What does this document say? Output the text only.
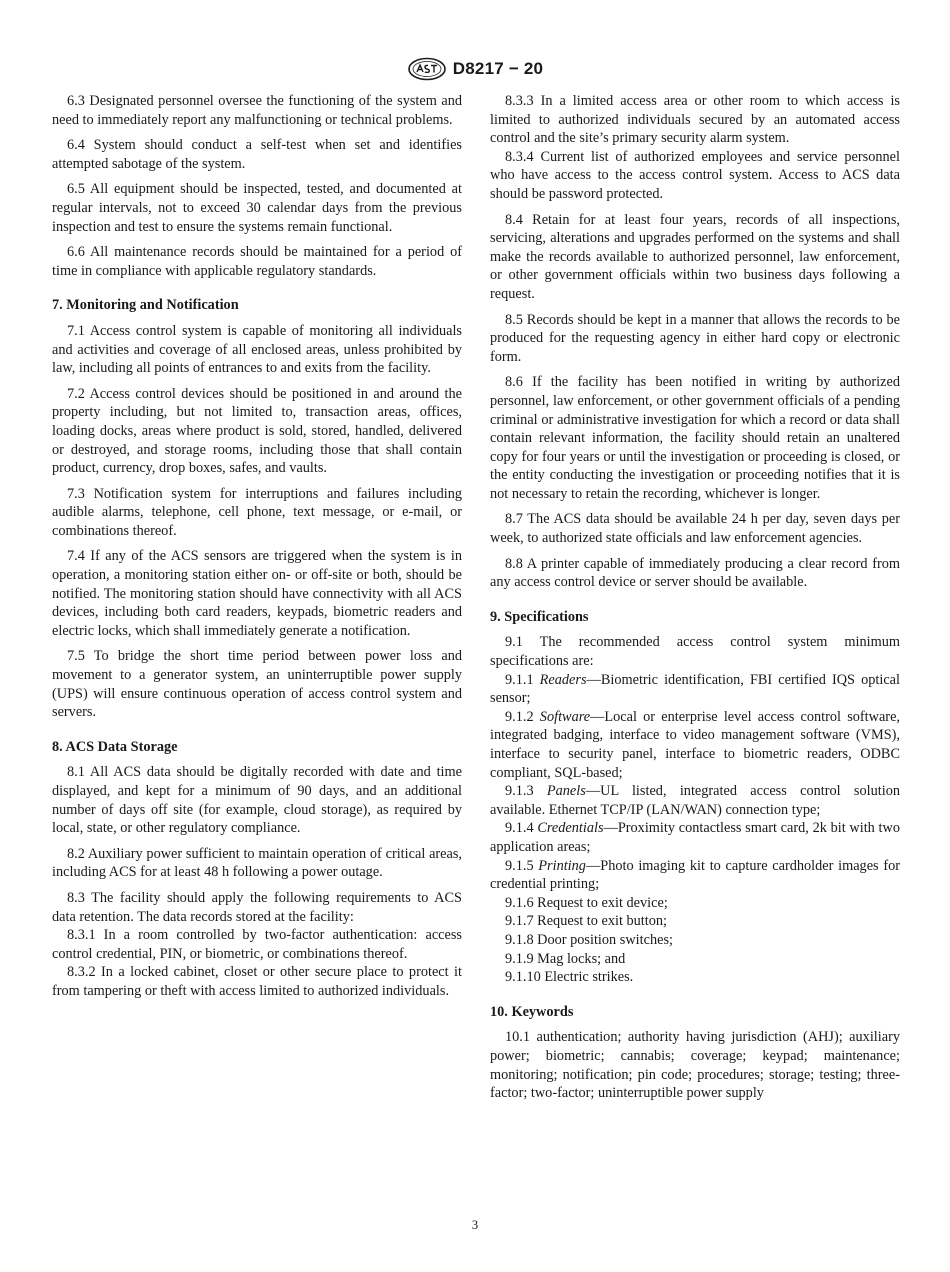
D8217 − 20
6.3 Designated personnel oversee the functioning of the system and need to immediately report any malfunctioning or technical problems.
6.4 System should conduct a self-test when set and identifies attempted sabotage of the system.
6.5 All equipment should be inspected, tested, and documented at regular intervals, not to exceed 30 calendar days from the previous inspection and test to ensure the systems remain functional.
6.6 All maintenance records should be maintained for a period of time in compliance with applicable regulatory standards.
7. Monitoring and Notification
7.1 Access control system is capable of monitoring all individuals and activities and coverage of all enclosed areas, unless prohibited by law, including all points of entrances to and exits from the facility.
7.2 Access control devices should be positioned in and around the property including, but not limited to, transaction areas, offices, loading docks, areas where product is sold, stored, handled, delivered or destroyed, and storage rooms, including those that shall contain product, currency, drop boxes, safes, and vaults.
7.3 Notification system for interruptions and failures including audible alarms, telephone, cell phone, text message, or e-mail, or combinations thereof.
7.4 If any of the ACS sensors are triggered when the system is in operation, a monitoring station either on- or off-site or both, should be notified. The monitoring station should have connectivity with all ACS devices, including both card readers, keypads, biometric readers and electric locks, which shall immediately generate a notification.
7.5 To bridge the short time period between power loss and movement to a generator system, an uninterruptible power supply (UPS) will ensure continuous operation of access control system and servers.
8. ACS Data Storage
8.1 All ACS data should be digitally recorded with date and time displayed, and kept for a minimum of 90 days, and an additional number of days off site (for example, cloud storage), as required by local, state, or other regulatory compliance.
8.2 Auxiliary power sufficient to maintain operation of critical areas, including ACS for at least 48 h following a power outage.
8.3 The facility should apply the following requirements to ACS data retention. The data records stored at the facility:
8.3.1 In a room controlled by two-factor authentication: access control credential, PIN, or biometric, or combinations thereof.
8.3.2 In a locked cabinet, closet or other secure place to protect it from tampering or theft with access limited to authorized individuals.
8.3.3 In a limited access area or other room to which access is limited to authorized individuals secured by an automated access control and the site’s primary security alarm system.
8.3.4 Current list of authorized employees and service personnel who have access to the access control system. Access to ACS data should be password protected.
8.4 Retain for at least four years, records of all inspections, servicing, alterations and upgrades performed on the systems and shall make the records available to authorized personnel, law enforcement, or other government officials within two business days following a request.
8.5 Records should be kept in a manner that allows the records to be produced for the requesting agency in either hard copy or electronic form.
8.6 If the facility has been notified in writing by authorized personnel, law enforcement, or other government officials of a pending criminal or administrative investigation for which a record or data shall contain relevant information, the facility should retain an unaltered copy for four years or until the investigation or proceeding is closed, or the entity conducting the investigation or proceeding notifies that it is not necessary to retain the recording, whichever is longer.
8.7 The ACS data should be available 24 h per day, seven days per week, to authorized state officials and law enforcement agencies.
8.8 A printer capable of immediately producing a clear record from any access control device or server should be available.
9. Specifications
9.1 The recommended access control system minimum specifications are:
9.1.1 Readers—Biometric identification, FBI certified IQS optical sensor;
9.1.2 Software—Local or enterprise level access control software, integrated badging, interface to video management software (VMS), interface to security panel, interface to biometric readers, ODBC compliant, SQL-based;
9.1.3 Panels—UL listed, integrated access control solution available. Ethernet TCP/IP (LAN/WAN) connection type;
9.1.4 Credentials—Proximity contactless smart card, 2k bit with two application areas;
9.1.5 Printing—Photo imaging kit to capture cardholder images for credential printing;
9.1.6 Request to exit device;
9.1.7 Request to exit button;
9.1.8 Door position switches;
9.1.9 Mag locks; and
9.1.10 Electric strikes.
10. Keywords
10.1 authentication; authority having jurisdiction (AHJ); auxiliary power; biometric; cannabis; coverage; keypad; maintenance; monitoring; notification; pin code; procedures; storage; testing; three-factor; two-factor; uninterruptible power supply
3
